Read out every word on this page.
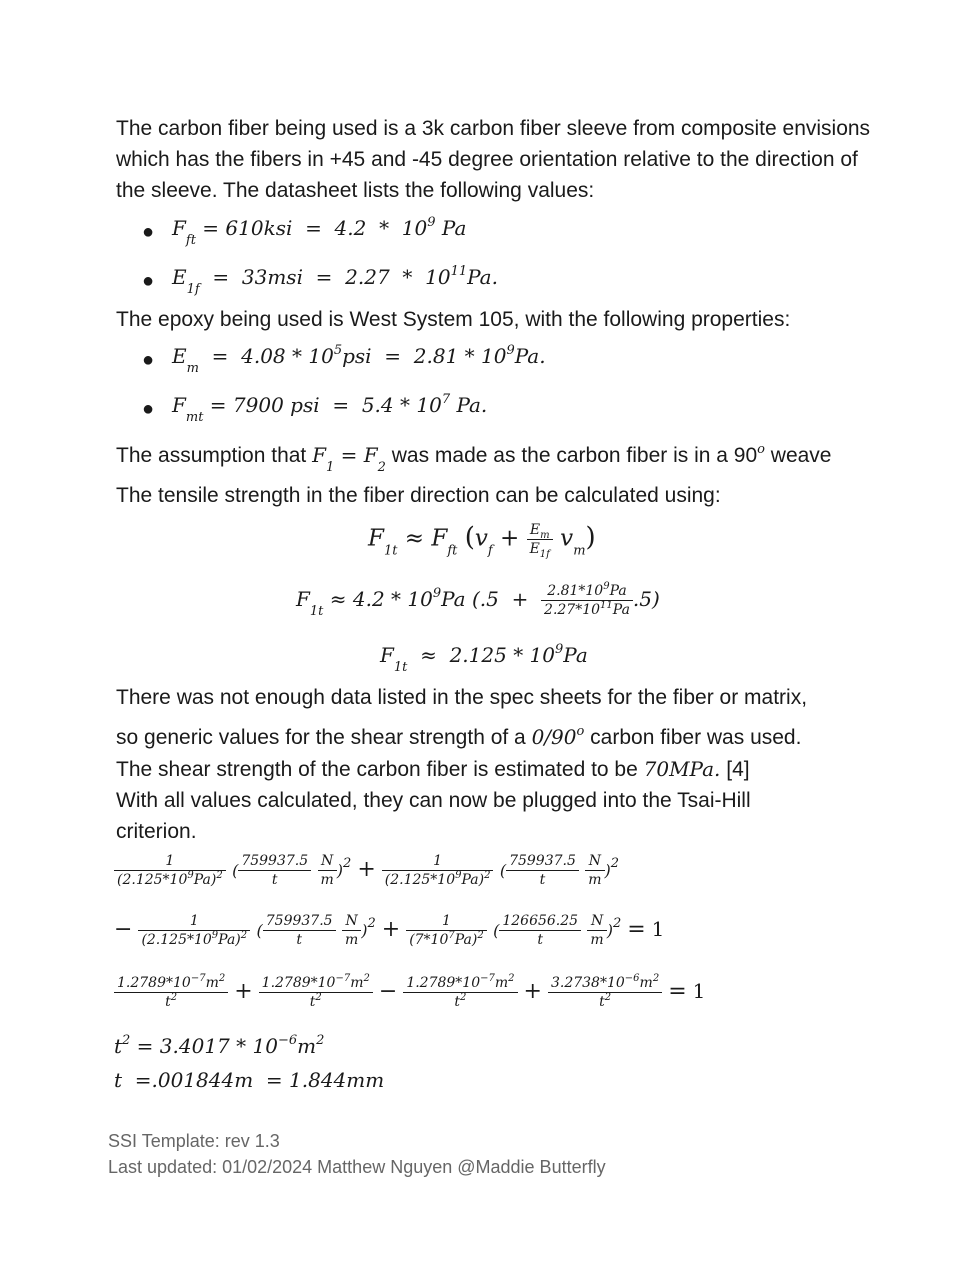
The carbon fiber being used is a 3k carbon fiber sleeve from composite envisions which has the fibers in +45 and -45 degree orientation relative to the direction of the sleeve. The datasheet lists the following values:
● $F_{ft} = 610ksi = 4.2 * 10^9$ Pa
● $E_{1f} = 33msi = 2.27 * 10^{11}Pa$.
The epoxy being used is West System 105, with the following properties:
● $E_m = 4.08 * 10^5psi = 2.81 * 10^9Pa$.
● $F_{mt} = 7900$ psi  =  $5.4 * 10^7$ Pa.
The assumption that $F_1 = F_2$ was made as the carbon fiber is in a 90$^o$ weave
The tensile strength in the fiber direction can be calculated using:
$F_{1t} \approx F_{ft}$ $(v_f + \frac{E_m}{E_{1f}} v_m)$
$F_{1t} \approx 4.2 * 10^9Pa$ $(.5 + \frac{2.81*10^9Pa}{2.27*10^{11}Pa} .5)$
$F_{1t} \approx 2.125 * 10^9Pa$
There was not enough data listed in the spec sheets for the fiber or matrix,
so generic values for the shear strength of a 0/90$^o$ carbon fiber was used.
The shear strength of the carbon fiber is estimated to be 70MPa. [4]
With all values calculated, they can now be plugged into the Tsai-Hill criterion.
$\frac{1}{(2.125*10^9Pa)^2}$ ( $\frac{759937.5}{t}$
$\frac{N}{m} )^2 + \frac{1}{(2.125*10^9Pa)^2}$ ( $\frac{759937.5}{t}$
$\frac{N}{m} )^2$
− $\frac{1}{(2.125*10^9Pa)^2}$ ( $\frac{759937.5}{t}$
$\frac{N}{m} )^2 + \frac{1}{(7*10^7Pa)^2}$ ( $\frac{126656.25}{t}$
$\frac{N}{m} )^2 = 1$
$\frac{1.2789*10^{-7}m^2}{t^2} + \frac{1.2789*10^{-7}m^2}{t^2} - \frac{1.2789*10^{-7}m^2}{t^2} + \frac{3.2738*10^{-6}m^2}{t^2} = 1$
$t^2 = 3.4017 * 10^{-6}m^2$
t  =.001844m  = 1.844mm
SSI Template: rev 1.3
Last updated: 01/02/2024 Matthew Nguyen @Maddie Butterfly
